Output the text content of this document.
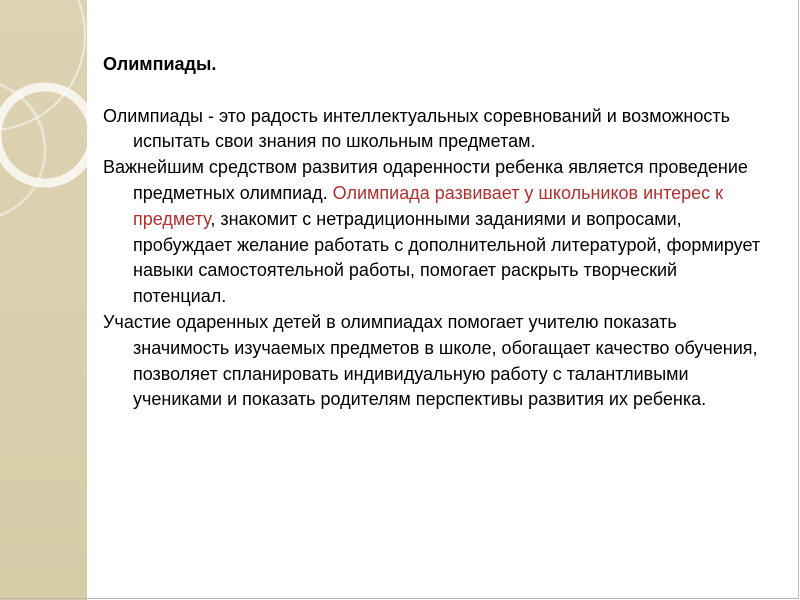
Олимпиады.

Олимпиады - это радость интеллектуальных соревнований и возможность испытать свои знания по школьным предметам.

Важнейшим средством развития одаренности ребенка является проведение предметных олимпиад. Олимпиада развивает у школьников интерес к предмету, знакомит с нетрадиционными заданиями и вопросами, пробуждает желание работать с дополнительной литературой, формирует навыки самостоятельной работы, помогает раскрыть творческий потенциал.

Участие одаренных детей в олимпиадах помогает учителю показать значимость изучаемых предметов в школе, обогащает качество обучения, позволяет спланировать индивидуальную работу с талантливыми учениками и показать родителям перспективы развития их ребенка.
